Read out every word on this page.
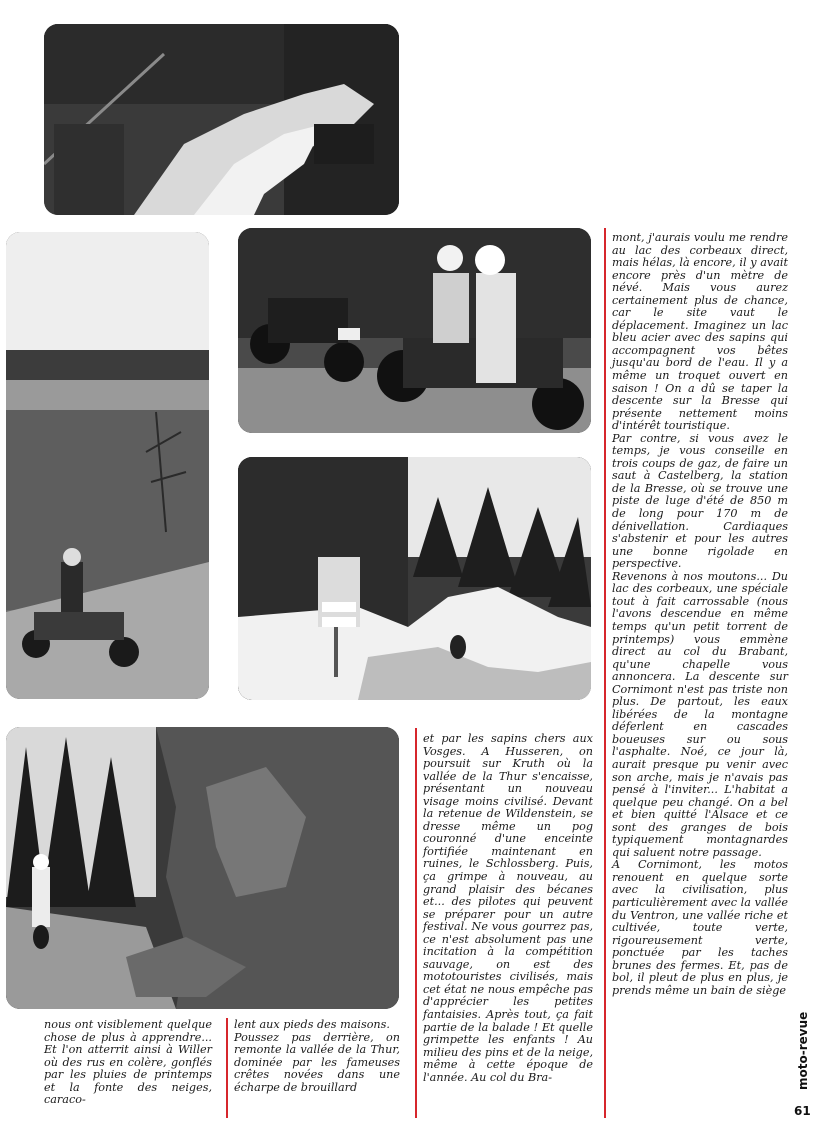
mont, j'aurais voulu me rendre au lac des corbeaux direct, mais hélas, là encore, il y avait encore près d'un mètre de névé. Mais vous aurez certainement plus de chance, car le site vaut le déplacement. Imaginez un lac bleu acier avec des sapins qui accompagnent vos bêtes jusqu'au bord de l'eau. Il y a même un troquet ouvert en saison ! On a dû se taper la descente sur la Bresse qui présente nettement moins d'intérêt touristique.

Par contre, si vous avez le temps, je vous conseille en trois coups de gaz, de faire un saut à Castelberg, la station de la Bresse, où se trouve une piste de luge d'été de 850 m de long pour 170 m de dénivellation. Cardiaques s'abstenir et pour les autres une bonne rigolade en perspective.

Revenons à nos moutons... Du lac des corbeaux, une spéciale tout à fait carrossable (nous l'avons descendue en même temps qu'un petit torrent de printemps) vous emmène direct au col du Brabant, qu'une chapelle vous annoncera. La descente sur Cornimont n'est pas triste non plus. De partout, les eaux libérées de la montagne déferlent en cascades boueuses sur ou sous l'asphalte. Noé, ce jour là, aurait presque pu venir avec son arche, mais je n'avais pas pensé à l'inviter... L'habitat a quelque peu changé. On a bel et bien quitté l'Alsace et ce sont des granges de bois typiquement montagnardes qui saluent notre passage.

A Cornimont, les motos renouent en quelque sorte avec la civilisation, plus particulièrement avec la vallée du Ventron, une vallée riche et cultivée, toute verte, rigoureusement verte, ponctuée par les taches brunes des fermes. Et, pas de bol, il pleut de plus en plus, je prends même un bain de siège

et par les sapins chers aux Vosges. A Husseren, on poursuit sur Kruth où la vallée de la Thur s'encaisse, présentant un nouveau visage moins civilisé. Devant la retenue de Wildenstein, se dresse même un pog couronné d'une enceinte fortifiée maintenant en ruines, le Schlossberg. Puis, ça grimpe à nouveau, au grand plaisir des bécanes et... des pilotes qui peuvent se préparer pour un autre festival. Ne vous gourrez pas, ce n'est absolument pas une incitation à la compétition sauvage, on est des mototouristes civilisés, mais cet état ne nous empêche pas d'apprécier les petites fantaisies. Après tout, ça fait partie de la balade ! Et quelle grimpette les enfants ! Au milieu des pins et de la neige, même à cette époque de l'année. Au col du Bra-

nous ont visiblement quelque chose de plus à apprendre... Et l'on atterrit ainsi à Willer où des rus en colère, gonflés par les pluies de printemps et la fonte des neiges, caraco-

lent aux pieds des maisons.

Poussez pas derrière, on remonte la vallée de la Thur, dominée par les fameuses crêtes novées dans une écharpe de brouillard	moto-revue
61
